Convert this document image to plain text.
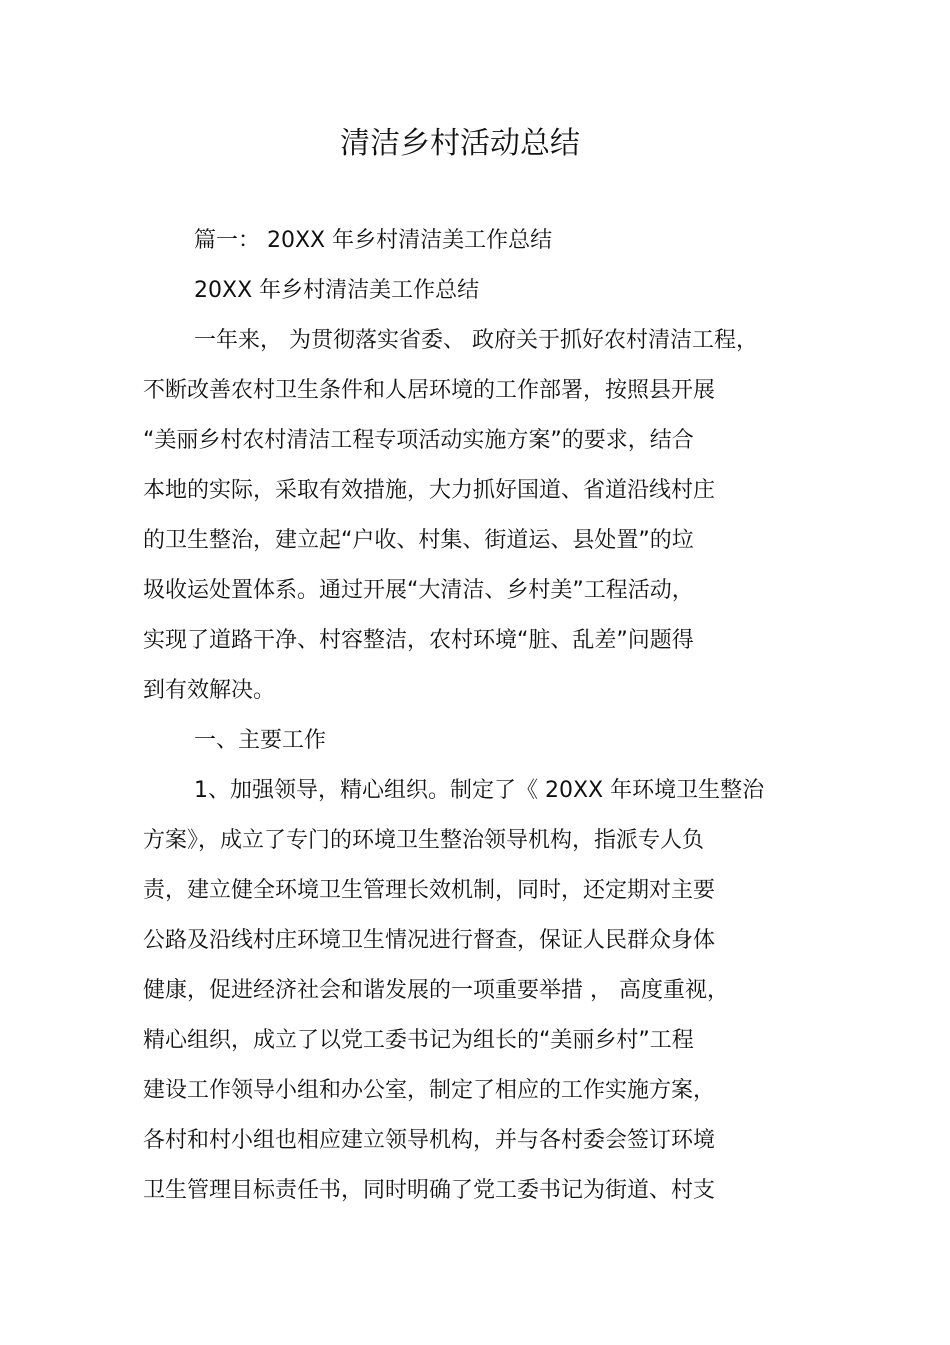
清洁乡村活动总结
篇一： 20XX 年乡村清洁美工作总结
20XX 年乡村清洁美工作总结
一年来， 为贯彻落实省委、 政府关于抓好农村清洁工程，
不断改善农村卫生条件和人居环境的工作部署，按照县开展
“美丽乡村农村清洁工程专项活动实施方案”的要求，结合
本地的实际，采取有效措施，大力抓好国道、省道沿线村庄
的卫生整治，建立起“户收、村集、街道运、县处置”的垃
圾收运处置体系。通过开展“大清洁、乡村美”工程活动，
实现了道路干净、村容整洁，农村环境“脏、乱差”问题得
到有效解决。
一、主要工作
1、加强领导，精心组织。制定了《 20XX 年环境卫生整治
方案》，成立了专门的环境卫生整治领导机构，指派专人负
责，建立健全环境卫生管理长效机制，同时，还定期对主要
公路及沿线村庄环境卫生情况进行督查，保证人民群众身体
健康，促进经济社会和谐发展的一项重要举措 ， 高度重视，
精心组织，成立了以党工委书记为组长的“美丽乡村”工程
建设工作领导小组和办公室，制定了相应的工作实施方案，
各村和村小组也相应建立领导机构，并与各村委会签订环境
卫生管理目标责任书，同时明确了党工委书记为街道、村支
